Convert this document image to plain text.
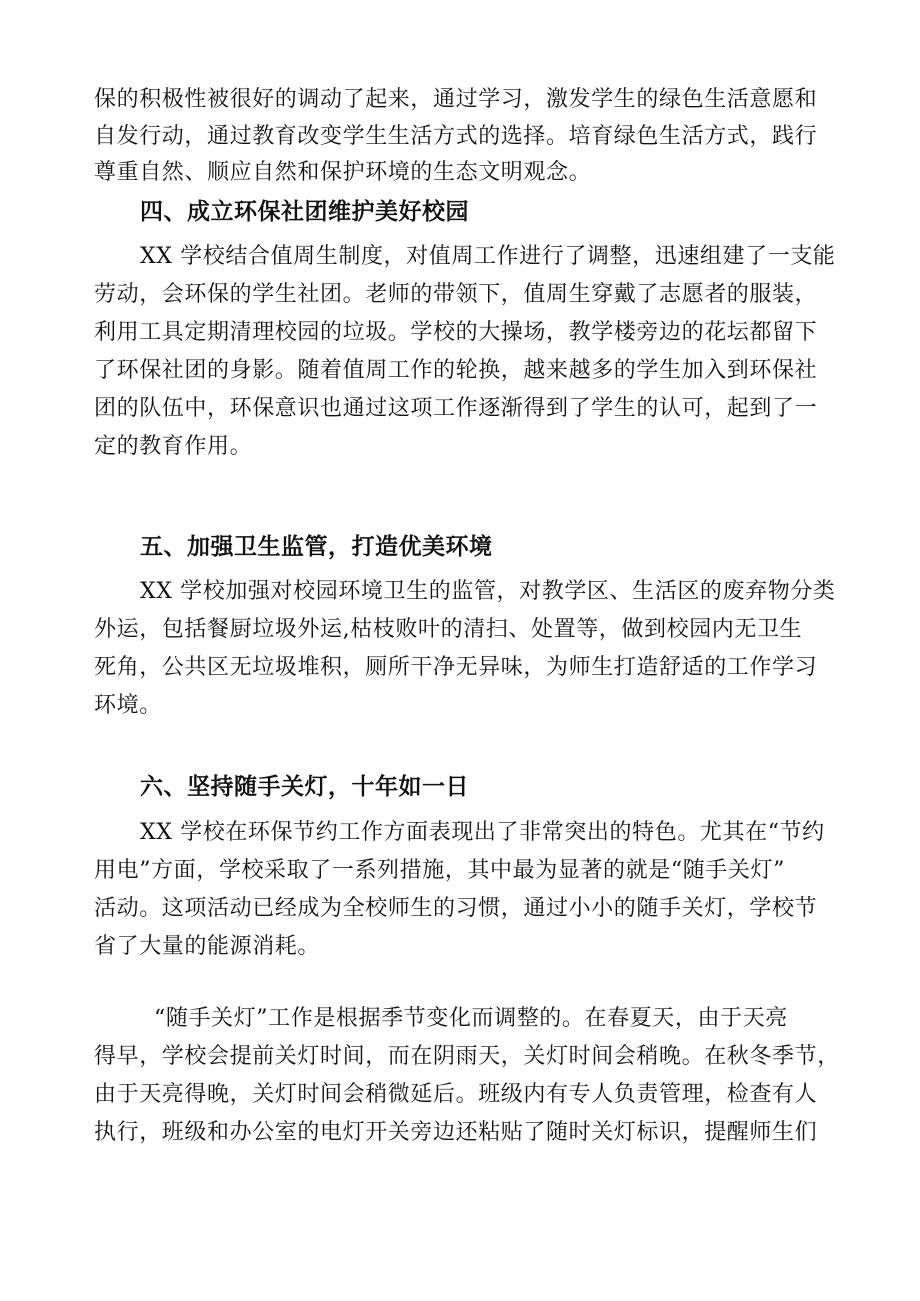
保的积极性被很好的调动了起来，通过学习，激发学生的绿色生活意愿和
自发行动，通过教育改变学生生活方式的选择。培育绿色生活方式，践行
尊重自然、顺应自然和保护环境的生态文明观念。
四、成立环保社团维护美好校园
XX 学校结合值周生制度，对值周工作进行了调整，迅速组建了一支能
劳动，会环保的学生社团。老师的带领下，值周生穿戴了志愿者的服装，
利用工具定期清理校园的垃圾。学校的大操场，教学楼旁边的花坛都留下
了环保社团的身影。随着值周工作的轮换，越来越多的学生加入到环保社
团的队伍中，环保意识也通过这项工作逐渐得到了学生的认可，起到了一
定的教育作用。
五、加强卫生监管，打造优美环境
XX 学校加强对校园环境卫生的监管，对教学区、生活区的废弃物分类
外运，包括餐厨垃圾外运,枯枝败叶的清扫、处置等，做到校园内无卫生
死角，公共区无垃圾堆积，厕所干净无异味，为师生打造舒适的工作学习
环境。
六、坚持随手关灯，十年如一日
XX 学校在环保节约工作方面表现出了非常突出的特色。尤其在“节约
用电”方面，学校采取了一系列措施，其中最为显著的就是“随手关灯”
活动。这项活动已经成为全校师生的习惯，通过小小的随手关灯，学校节
省了大量的能源消耗。
“随手关灯”工作是根据季节变化而调整的。在春夏天，由于天亮
得早，学校会提前关灯时间，而在阴雨天，关灯时间会稍晚。在秋冬季节，
由于天亮得晚，关灯时间会稍微延后。班级内有专人负责管理，检查有人
执行，班级和办公室的电灯开关旁边还粘贴了随时关灯标识，提醒师生们
